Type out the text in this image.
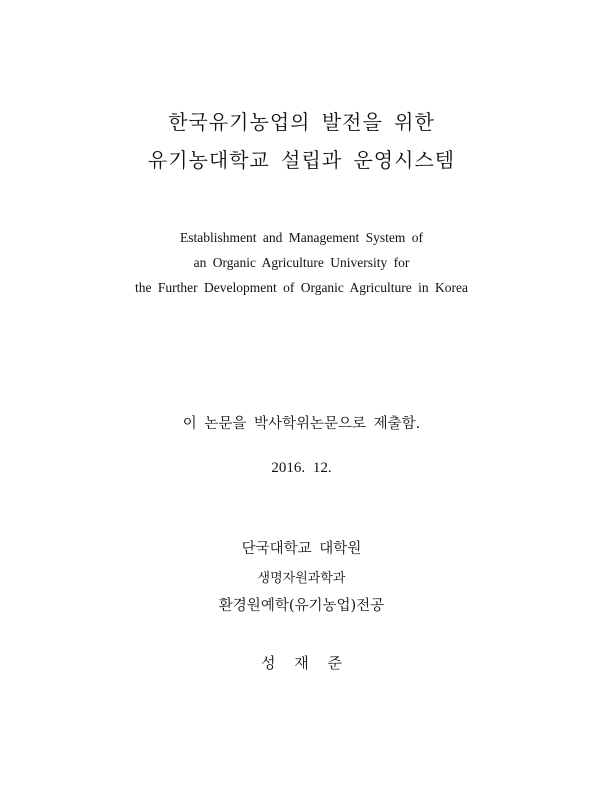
한국유기농업의 발전을 위한
유기농대학교 설립과 운영시스템
Establishment and Management System of
an Organic Agriculture University for
the Further Development of Organic Agriculture in Korea
이 논문을 박사학위논문으로 제출함.
2016. 12.
단국대학교 대학원
생명자원과학과
환경원예학(유기농업)전공
성 재 준
